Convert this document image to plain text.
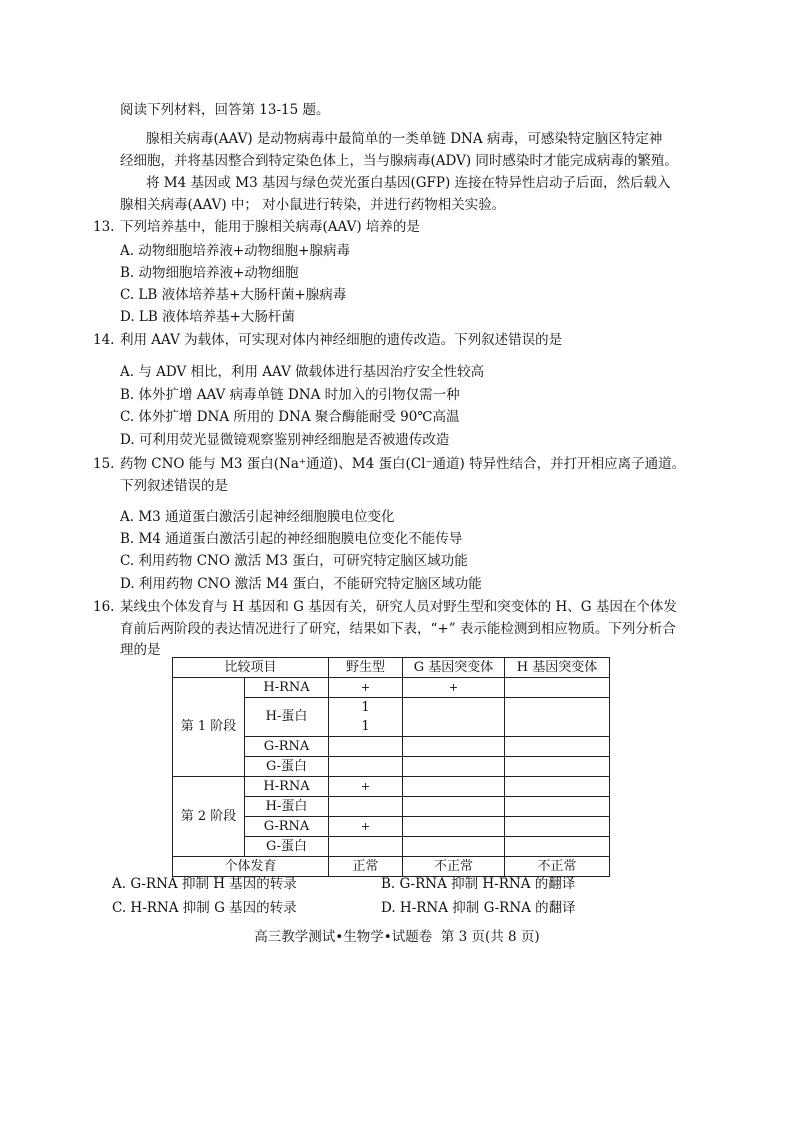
阅读下列材料，回答第 13-15 题。
腺相关病毒(AAV) 是动物病毒中最简单的一类单链 DNA 病毒，可感染特定脑区特定神
经细胞，并将基因整合到特定染色体上，当与腺病毒(ADV) 同时感染时才能完成病毒的繁殖。
将 M4 基因或 M3 基因与绿色荧光蛋白基因(GFP) 连接在特异性启动子后面，然后载入
腺相关病毒(AAV) 中； 对小鼠进行转染，并进行药物相关实验。
13. 下列培养基中，能用于腺相关病毒(AAV) 培养的是
A. 动物细胞培养液+动物细胞+腺病毒
B. 动物细胞培养液+动物细胞
C. LB 液体培养基+大肠杆菌+腺病毒
D. LB 液体培养基+大肠杆菌
14. 利用 AAV 为载体，可实现对体内神经细胞的遗传改造。下列叙述错误的是
A. 与 ADV 相比，利用 AAV 做载体进行基因治疗安全性较高
B. 体外扩增 AAV 病毒单链 DNA 时加入的引物仅需一种
C. 体外扩增 DNA 所用的 DNA 聚合酶能耐受 90℃高温
D. 可利用荧光显微镜观察鉴别神经细胞是否被遗传改造
15. 药物 CNO 能与 M3 蛋白(Na⁺通道)、M4 蛋白(Cl⁻通道) 特异性结合，并打开相应离子通道。
下列叙述错误的是
A. M3 通道蛋白激活引起神经细胞膜电位变化
B. M4 通道蛋白激活引起的神经细胞膜电位变化不能传导
C. 利用药物 CNO 激活 M3 蛋白，可研究特定脑区域功能
D. 利用药物 CNO 激活 M4 蛋白，不能研究特定脑区域功能
16. 某线虫个体发育与 H 基因和 G 基因有关，研究人员对野生型和突变体的 H、G 基因在个体发
育前后两阶段的表达情况进行了研究，结果如下表，“+” 表示能检测到相应物质。下列分析合
理的是
比较项目		野生型	G 基因突变体	H 基因突变体
第 1 阶段	H-RNA	+	+	
	H-蛋白	1		
		1		
	G-RNA			
	G-蛋白			
第 2 阶段	H-RNA	+		
	H-蛋白			
	G-RNA	+		
	G-蛋白			
个体发育		正常	不正常	不正常
A. G-RNA 抑制 H 基因的转录	B. G-RNA 抑制 H-RNA 的翻译
C. H-RNA 抑制 G 基因的转录	D. H-RNA 抑制 G-RNA 的翻译
高三教学测试•生物学•试题卷 第 3 页(共 8 页)
